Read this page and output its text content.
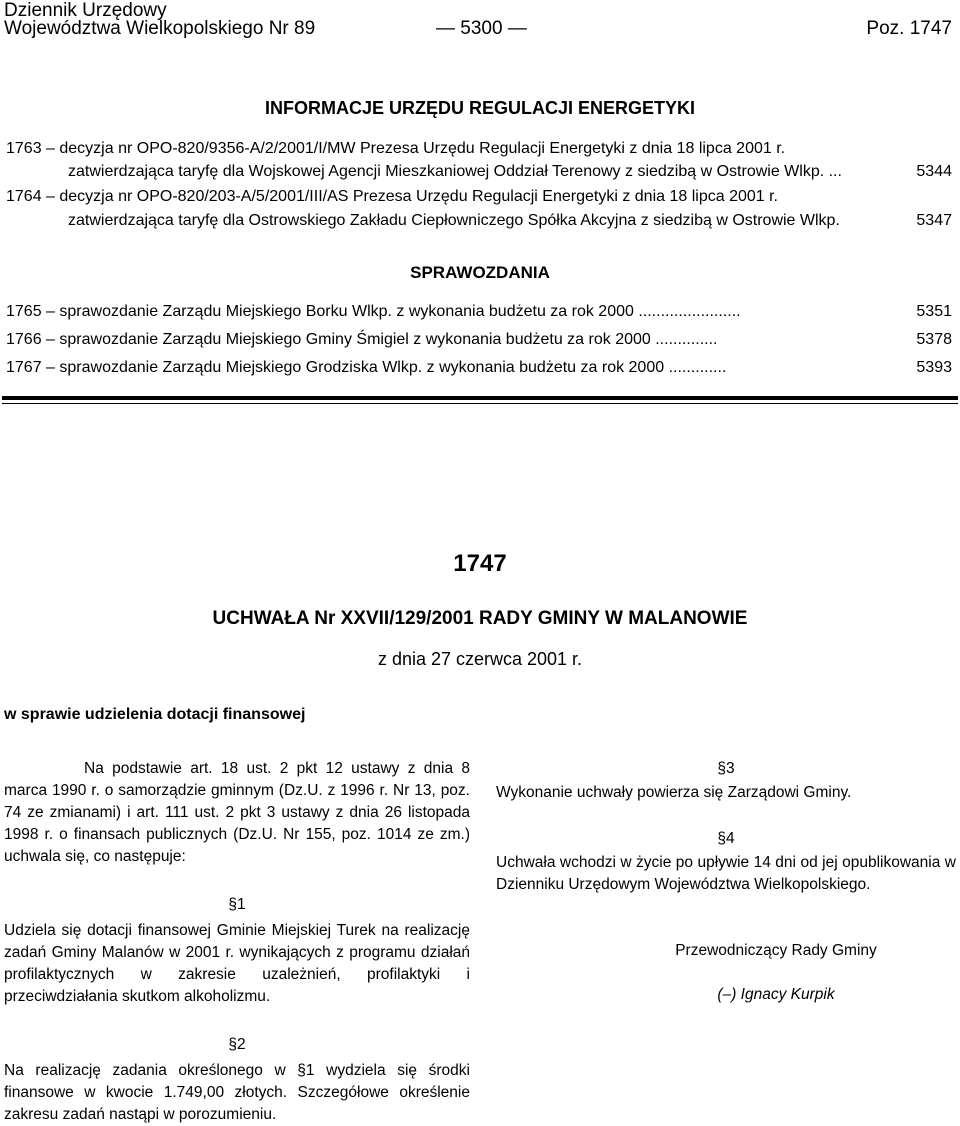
Dziennik Urzędowy
Województwa Wielkopolskiego Nr 89	— 5300 —	Poz. 1747
INFORMACJE URZĘDU REGULACJI ENERGETYKI
1763 – decyzja nr OPO-820/9356-A/2/2001/I/MW Prezesa Urzędu Regulacji Energetyki z dnia 18 lipca 2001 r.
zatwierdzająca taryfę dla Wojskowej Agencji Mieszkaniowej Oddział Terenowy z siedzibą w Ostrowie Wlkp. ...	5344
1764 – decyzja nr OPO-820/203-A/5/2001/III/AS Prezesa Urzędu Regulacji Energetyki z dnia 18 lipca 2001 r.
zatwierdzająca taryfę dla Ostrowskiego Zakładu Ciepłowniczego Spółka Akcyjna z siedzibą w Ostrowie Wlkp.	5347
SPRAWOZDANIA
1765 – sprawozdanie Zarządu Miejskiego Borku Wlkp. z wykonania budżetu za rok 2000 .......................	5351
1766 – sprawozdanie Zarządu Miejskiego Gminy Śmigiel z wykonania budżetu za rok 2000 ..............	5378
1767 – sprawozdanie Zarządu Miejskiego Grodziska Wlkp. z wykonania budżetu za rok 2000 .............	5393
1747
UCHWAŁA Nr XXVII/129/2001 RADY GMINY W MALANOWIE
z dnia 27 czerwca 2001 r.
w sprawie udzielenia dotacji finansowej

Na podstawie art. 18 ust. 2 pkt 12 ustawy z dnia 8 marca 1990 r. o samorządzie gminnym (Dz.U. z 1996 r. Nr 13, poz. 74 ze zmianami) i art. 111 ust. 2 pkt 3 ustawy z dnia 26 listopada 1998 r. o finansach publicznych (Dz.U. Nr 155, poz. 1014 ze zm.) uchwala się, co następuje:

§1

Udziela się dotacji finansowej Gminie Miejskiej Turek na realizację zadań Gminy Malanów w 2001 r. wynikających z programu działań profilaktycznych w zakresie uzależnień, profilaktyki i przeciwdziałania skutkom alkoholizmu.

§2

Na realizację zadania określonego w §1 wydziela się środki finansowe w kwocie 1.749,00 złotych. Szczegółowe określenie zakresu zadań nastąpi w porozumieniu.

§3

Wykonanie uchwały powierza się Zarządowi Gminy.

§4

Uchwała wchodzi w życie po upływie 14 dni od jej opublikowania w Dzienniku Urzędowym Województwa Wielkopolskiego.

Przewodniczący Rady Gminy
(–) Ignacy Kurpik
